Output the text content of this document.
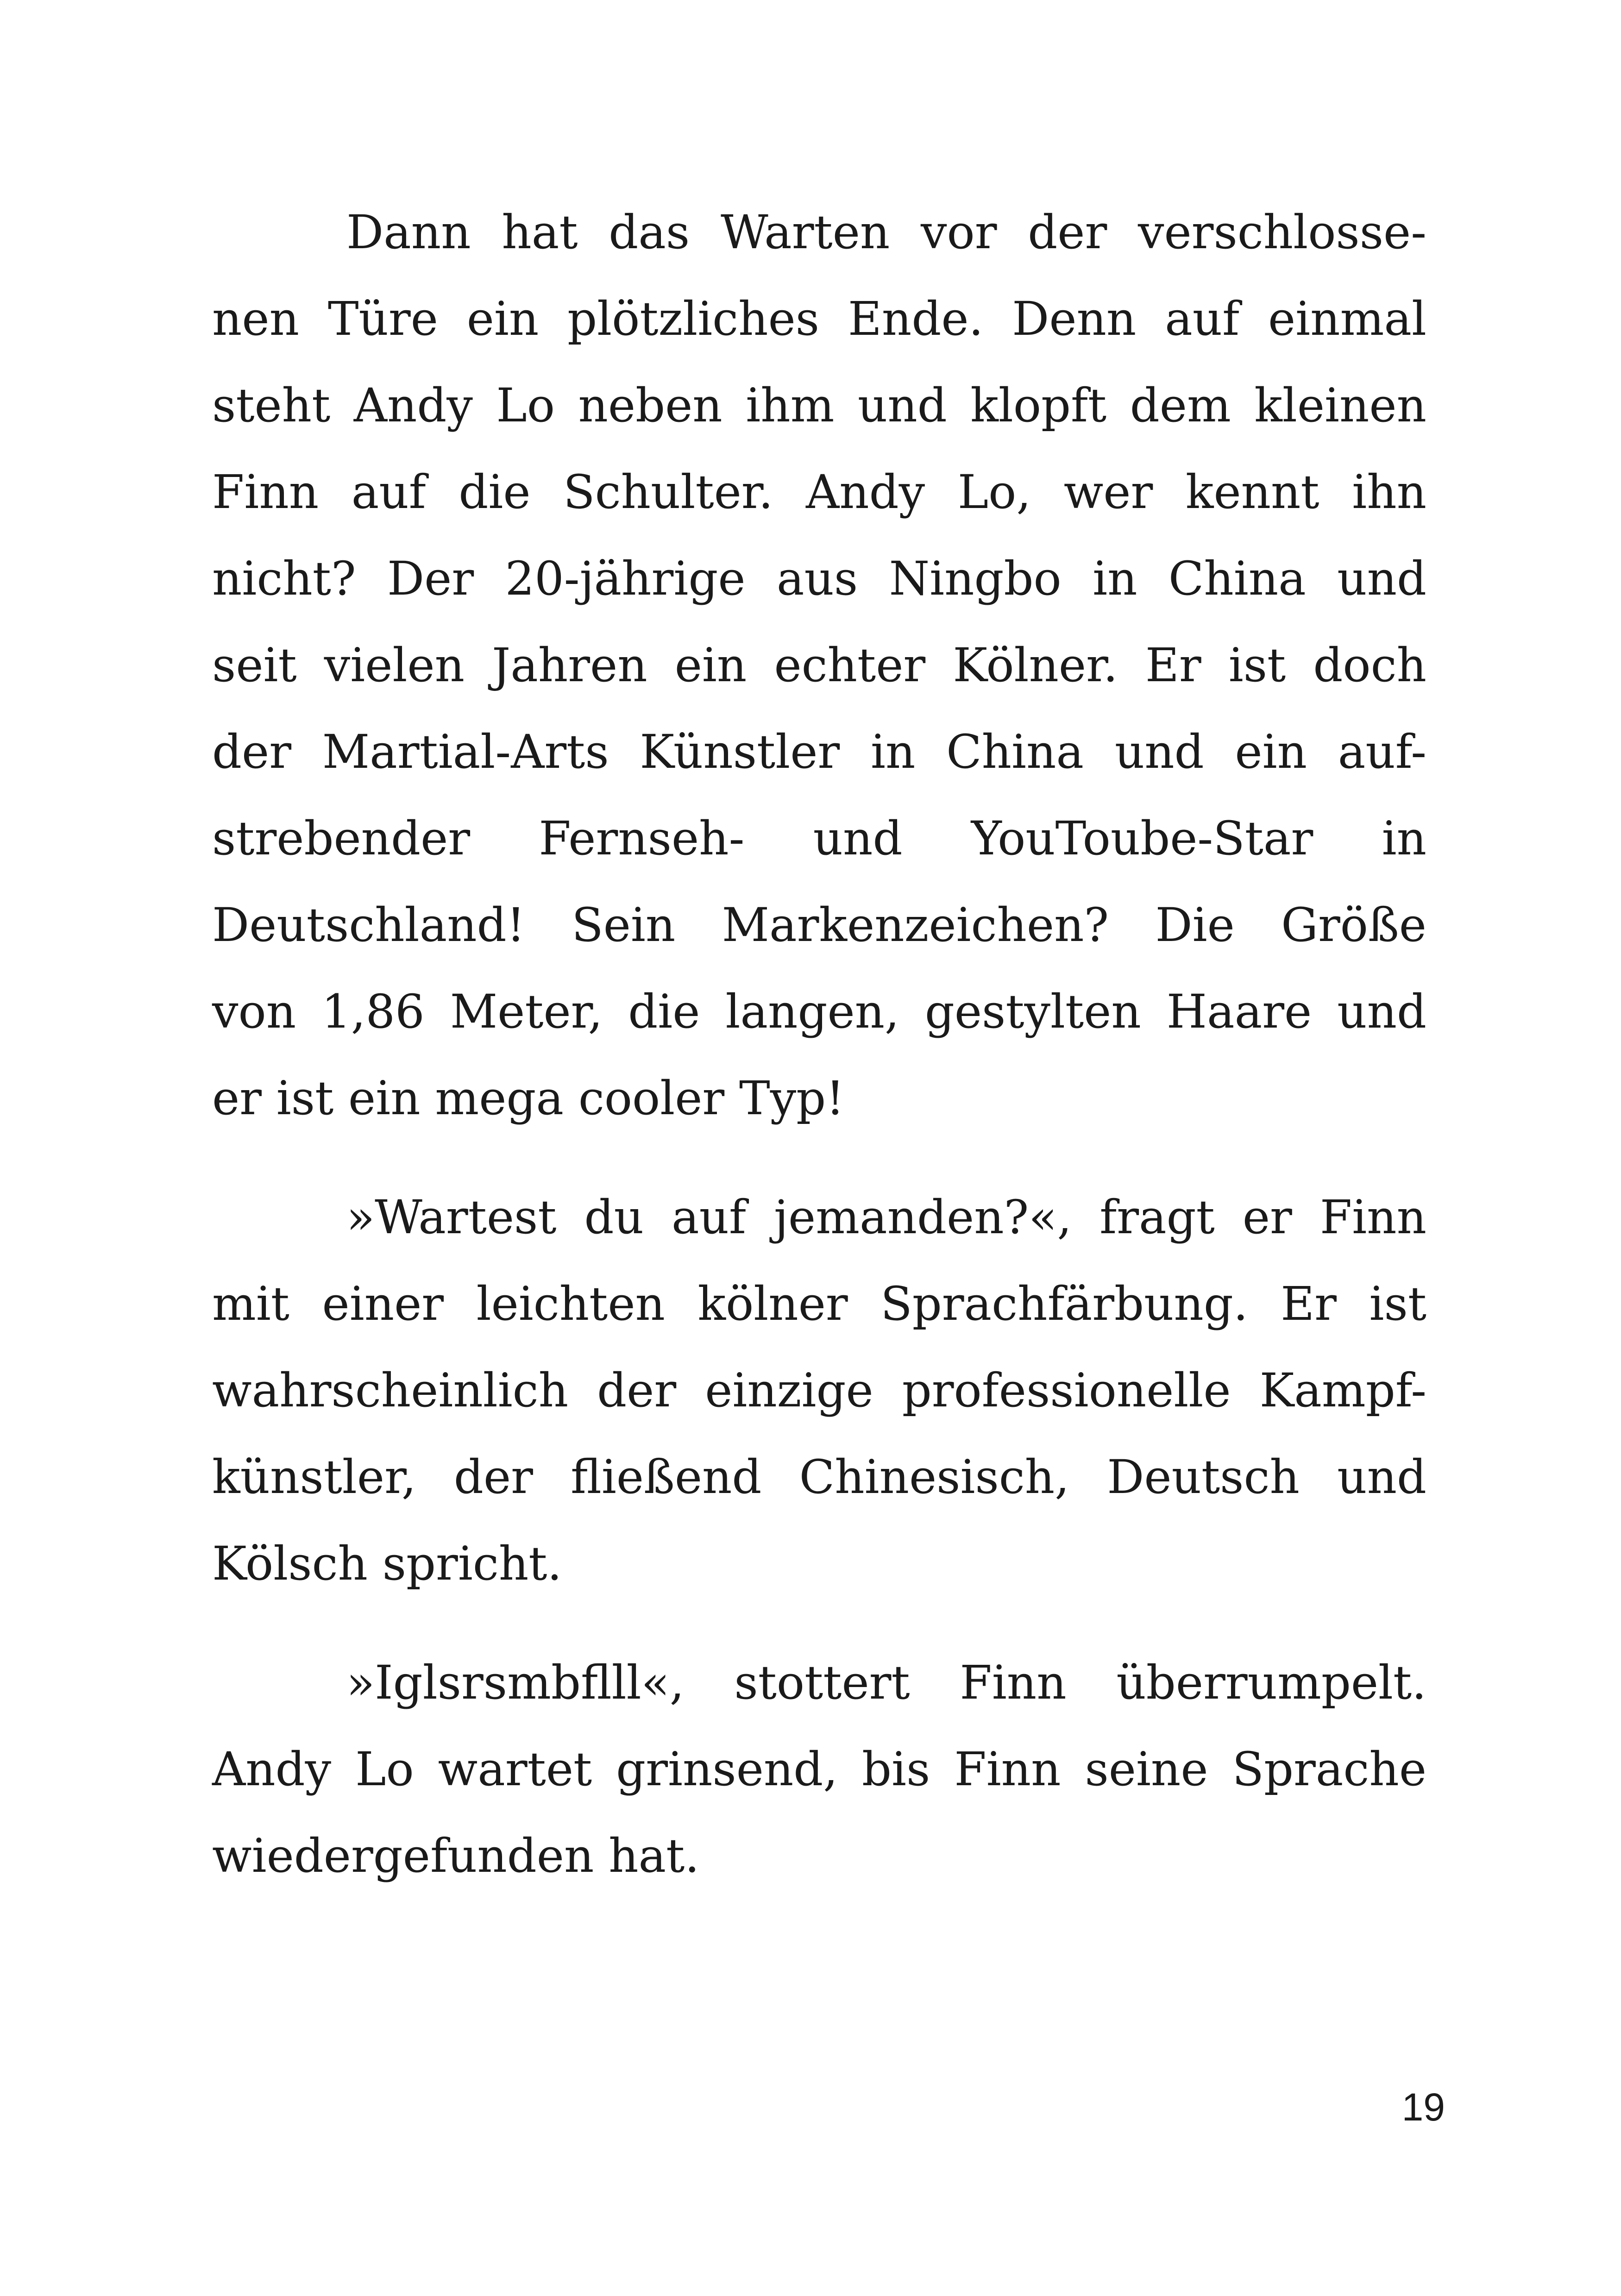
Dann hat das Warten vor der verschlosse-
nen Türe ein plötzliches Ende. Denn auf einmal
steht Andy Lo neben ihm und klopft dem kleinen
Finn auf die Schulter. Andy Lo, wer kennt ihn
nicht? Der 20-jährige aus Ningbo in China und
seit vielen Jahren ein echter Kölner. Er ist doch
der Martial-Arts Künstler in China und ein auf-
strebender Fernseh- und YouToube-Star in
Deutschland! Sein Markenzeichen? Die Größe
von 1,86 Meter, die langen, gestylten Haare und
er ist ein mega cooler Typ!

»Wartest du auf jemanden?«, fragt er Finn
mit einer leichten kölner Sprachfärbung. Er ist
wahrscheinlich der einzige professionelle Kampf-
künstler, der fließend Chinesisch, Deutsch und
Kölsch spricht.

»Iglsrsmbflll«, stottert Finn überrumpelt.
Andy Lo wartet grinsend, bis Finn seine Sprache
wiedergefunden hat.

19
